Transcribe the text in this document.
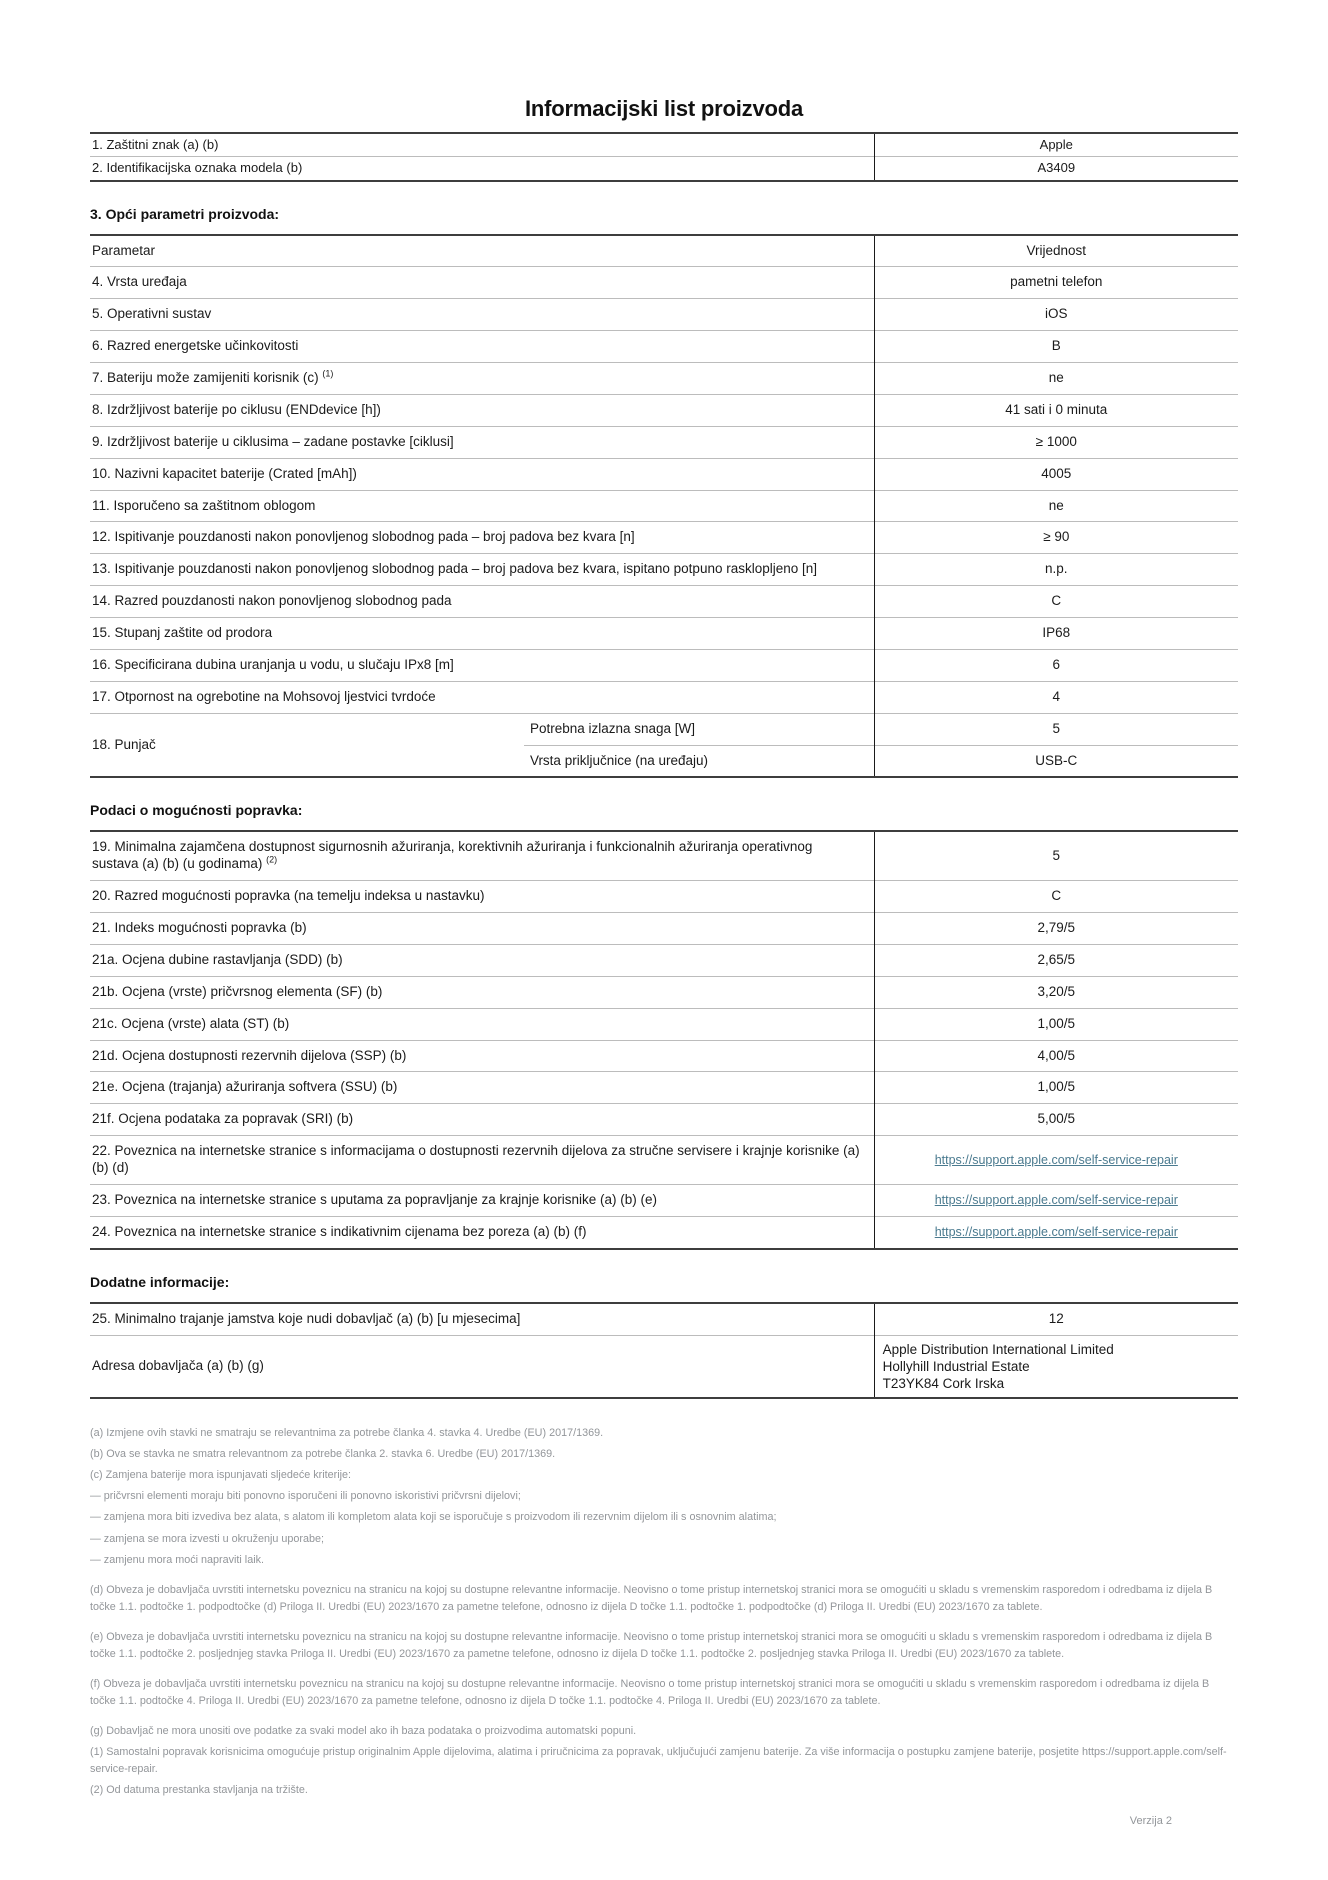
Informacijski list proizvoda
1. Zaštitni znak (a) (b)	Apple
2. Identifikacijska oznaka modela (b)	A3409
3. Opći parametri proizvoda:
Parametar		Vrijednost
4. Vrsta uređaja		pametni telefon
5. Operativni sustav		iOS
6. Razred energetske učinkovitosti		B
7. Bateriju može zamijeniti korisnik (c) $^{(1)}$		ne
8. Izdržljivost baterije po ciklusu (ENDdevice [h])		41 sati i 0 minuta
9. Izdržljivost baterije u ciklusima – zadane postavke [ciklusi]		≥ 1000
10. Nazivni kapacitet baterije (Crated [mAh])		4005
11. Isporučeno sa zaštitnom oblogom		ne
12. Ispitivanje pouzdanosti nakon ponovljenog slobodnog pada – broj padova bez kvara [n]		≥ 90
13. Ispitivanje pouzdanosti nakon ponovljenog slobodnog pada – broj padova bez kvara, ispitano potpuno rasklopljeno [n]		n.p.
14. Razred pouzdanosti nakon ponovljenog slobodnog pada		C
15. Stupanj zaštite od prodora		IP68
16. Specificirana dubina uranjanja u vodu, u slučaju IPx8 [m]		6
17. Otpornost na ogrebotine na Mohsovoj ljestvici tvrdoće		4
18. Punjač	Potrebna izlazna snaga [W]	5
	Vrsta priključnice (na uređaju)	USB-C
Podaci o mogućnosti popravka:
19. Minimalna zajamčena dostupnost sigurnosnih ažuriranja, korektivnih ažuriranja i funkcionalnih ažuriranja operativnog sustava (a) (b) (u godinama) $^{(2)}$	5
20. Razred mogućnosti popravka (na temelju indeksa u nastavku)	C
21. Indeks mogućnosti popravka (b)	2,79/5
21a. Ocjena dubine rastavljanja (SDD) (b)	2,65/5
21b. Ocjena (vrste) pričvrsnog elementa (SF) (b)	3,20/5
21c. Ocjena (vrste) alata (ST) (b)	1,00/5
21d. Ocjena dostupnosti rezervnih dijelova (SSP) (b)	4,00/5
21e. Ocjena (trajanja) ažuriranja softvera (SSU) (b)	1,00/5
21f. Ocjena podataka za popravak (SRI) (b)	5,00/5
22. Poveznica na internetske stranice s informacijama o dostupnosti rezervnih dijelova za stručne servisere i krajnje korisnike (a) (b) (d)	https://support.apple.com/self-service-repair
23. Poveznica na internetske stranice s uputama za popravljanje za krajnje korisnike (a) (b) (e)	https://support.apple.com/self-service-repair
24. Poveznica na internetske stranice s indikativnim cijenama bez poreza (a) (b) (f)	https://support.apple.com/self-service-repair
Dodatne informacije:
25. Minimalno trajanje jamstva koje nudi dobavljač (a) (b) [u mjesecima]	12
Adresa dobavljača (a) (b) (g)	Apple Distribution International Limited
Hollyhill Industrial Estate
T23YK84 Cork Irska

(a) Izmjene ovih stavki ne smatraju se relevantnima za potrebe članka 4. stavka 4. Uredbe (EU) 2017/1369.

(b) Ova se stavka ne smatra relevantnom za potrebe članka 2. stavka 6. Uredbe (EU) 2017/1369.

(c) Zamjena baterije mora ispunjavati sljedeće kriterije:

— pričvrsni elementi moraju biti ponovno isporučeni ili ponovno iskoristivi pričvrsni dijelovi;

— zamjena mora biti izvediva bez alata, s alatom ili kompletom alata koji se isporučuje s proizvodom ili rezervnim dijelom ili s osnovnim alatima;

— zamjena se mora izvesti u okruženju uporabe;

— zamjenu mora moći napraviti laik.

(d) Obveza je dobavljača uvrstiti internetsku poveznicu na stranicu na kojoj su dostupne relevantne informacije. Neovisno o tome pristup internetskoj stranici mora se omogućiti u skladu s vremenskim rasporedom i odredbama iz dijela B točke 1.1. podtočke 1. podpodtočke (d) Priloga II. Uredbi (EU) 2023/1670 za pametne telefone, odnosno iz dijela D točke 1.1. podtočke 1. podpodtočke (d) Priloga II. Uredbi (EU) 2023/1670 za tablete.

(e) Obveza je dobavljača uvrstiti internetsku poveznicu na stranicu na kojoj su dostupne relevantne informacije. Neovisno o tome pristup internetskoj stranici mora se omogućiti u skladu s vremenskim rasporedom i odredbama iz dijela B točke 1.1. podtočke 2. posljednjeg stavka Priloga II. Uredbi (EU) 2023/1670 za pametne telefone, odnosno iz dijela D točke 1.1. podtočke 2. posljednjeg stavka Priloga II. Uredbi (EU) 2023/1670 za tablete.

(f) Obveza je dobavljača uvrstiti internetsku poveznicu na stranicu na kojoj su dostupne relevantne informacije. Neovisno o tome pristup internetskoj stranici mora se omogućiti u skladu s vremenskim rasporedom i odredbama iz dijela B točke 1.1. podtočke 4. Priloga II. Uredbi (EU) 2023/1670 za pametne telefone, odnosno iz dijela D točke 1.1. podtočke 4. Priloga II. Uredbi (EU) 2023/1670 za tablete.

(g) Dobavljač ne mora unositi ove podatke za svaki model ako ih baza podataka o proizvodima automatski popuni.

(1) Samostalni popravak korisnicima omogućuje pristup originalnim Apple dijelovima, alatima i priručnicima za popravak, uključujući zamjenu baterije. Za više informacija o postupku zamjene baterije, posjetite https://support.apple.com/self-service-repair.

(2) Od datuma prestanka stavljanja na tržište.

Verzija 2
